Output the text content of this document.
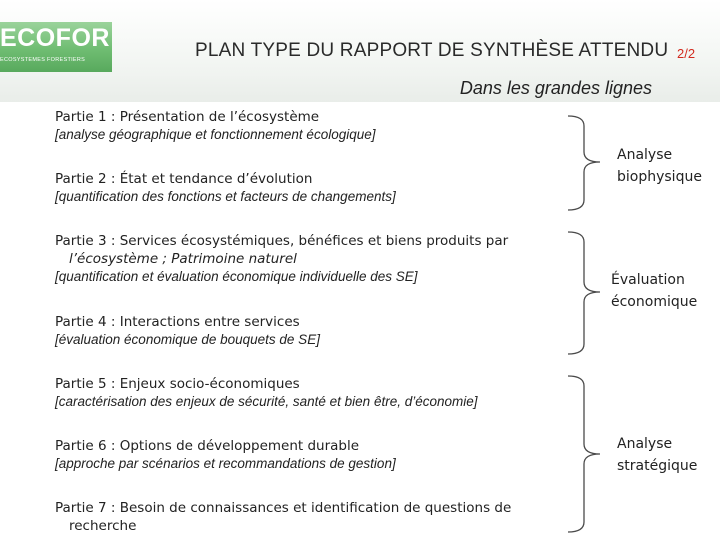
ECOFOR
ECOSYSTEMES FORESTIERS	PLAN TYPE DU RAPPORT DE SYNTHÈSE ATTENDU 2/2
Dans les grandes lignes
Partie 1 : Présentation de l’écosystème
[analyse géographique et fonctionnement écologique]
Partie 2 : État et tendance d’évolution
[quantification des fonctions et facteurs de changements]
Partie 3 : Services écosystémiques, bénéfices et biens produits par
l’écosystème ; Patrimoine naturel
[quantification et évaluation économique individuelle des SE]
Partie 4 : Interactions entre services
[évaluation économique de bouquets de SE]
Partie 5 : Enjeux socio-économiques
[caractérisation des enjeux de sécurité, santé et bien être, d’économie]
Partie 6 : Options de développement durable
[approche par scénarios et recommandations de gestion]
Partie 7 : Besoin de connaissances et identification de questions de
recherche
Analyse
biophysique
Évaluation
économique
Analyse
stratégique
